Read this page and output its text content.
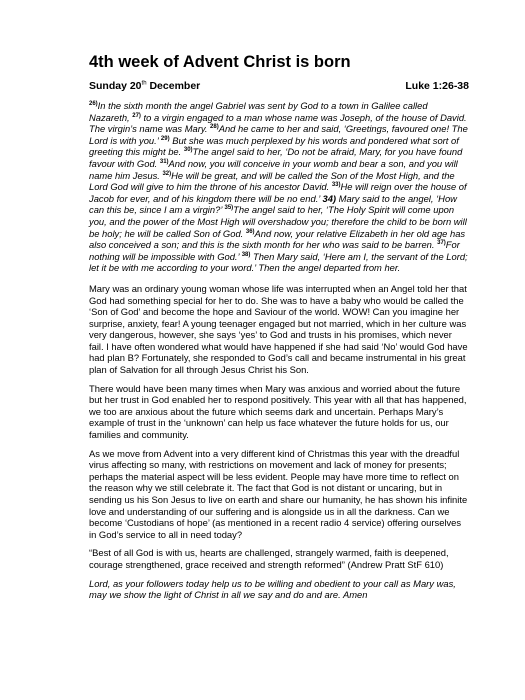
4th week of Advent Christ is born
Sunday 20th December	Luke 1:26-38
$^{26)}$In the sixth month the angel Gabriel was sent by God to a town in Galilee called Nazareth, $^{27)}$ to a virgin engaged to a man whose name was Joseph, of the house of David. The virgin’s name was Mary. $^{28)}$And he came to her and said, ‘Greetings, favoured one! The Lord is with you.’ $^{29)}$ But she was much perplexed by his words and pondered what sort of greeting this might be. $^{30)}$The angel said to her, ‘Do not be afraid, Mary, for you have found favour with God. $^{31)}$And now, you will conceive in your womb and bear a son, and you will name him Jesus. $^{32)}$He will be great, and will be called the Son of the Most High, and the Lord God will give to him the throne of his ancestor David. $^{33)}$He will reign over the house of Jacob for ever, and of his kingdom there will be no end.’ 34) Mary said to the angel, ‘How can this be, since I am a virgin?’ $^{35)}$The angel said to her, ‘The Holy Spirit will come upon you, and the power of the Most High will overshadow you; therefore the child to be born will be holy; he will be called Son of God. $^{36)}$And now, your relative Elizabeth in her old age has also conceived a son; and this is the sixth month for her who was said to be barren. $^{37)}$For nothing will be impossible with God.’ $^{38)}$ Then Mary said, ‘Here am I, the servant of the Lord; let it be with me according to your word.’ Then the angel departed from her.

Mary was an ordinary young woman whose life was interrupted when an Angel told her that God had something special for her to do. She was to have a baby who would be called the ‘Son of God’ and become the hope and Saviour of the world. WOW! Can you imagine her surprise, anxiety, fear! A young teenager engaged but not married, which in her culture was very dangerous, however, she says ‘yes’ to God and trusts in his promises, which never fail. I have often wondered what would have happened if she had said ‘No’ would God have had plan B? Fortunately, she responded to God’s call and became instrumental in his great plan of Salvation for all through Jesus Christ his Son.

There would have been many times when Mary was anxious and worried about the future but her trust in God enabled her to respond positively. This year with all that has happened, we too are anxious about the future which seems dark and uncertain. Perhaps Mary’s example of trust in the ‘unknown’ can help us face whatever the future holds for us, our families and community.

As we move from Advent into a very different kind of Christmas this year with the dreadful virus affecting so many, with restrictions on movement and lack of money for presents; perhaps the material aspect will be less evident. People may have more time to reflect on the reason why we still celebrate it. The fact that God is not distant or uncaring, but in sending us his Son Jesus to live on earth and share our humanity, he has shown his infinite love and understanding of our suffering and is alongside us in all the darkness. Can we become ‘Custodians of hope’ (as mentioned in a recent radio 4 service) offering ourselves in God’s service to all in need today?

“Best of all God is with us, hearts are challenged, strangely warmed, faith is deepened, courage strengthened, grace received and strength reformed” (Andrew Pratt StF 610)

Lord, as your followers today help us to be willing and obedient to your call as Mary was, may we show the light of Christ in all we say and do and are. Amen
